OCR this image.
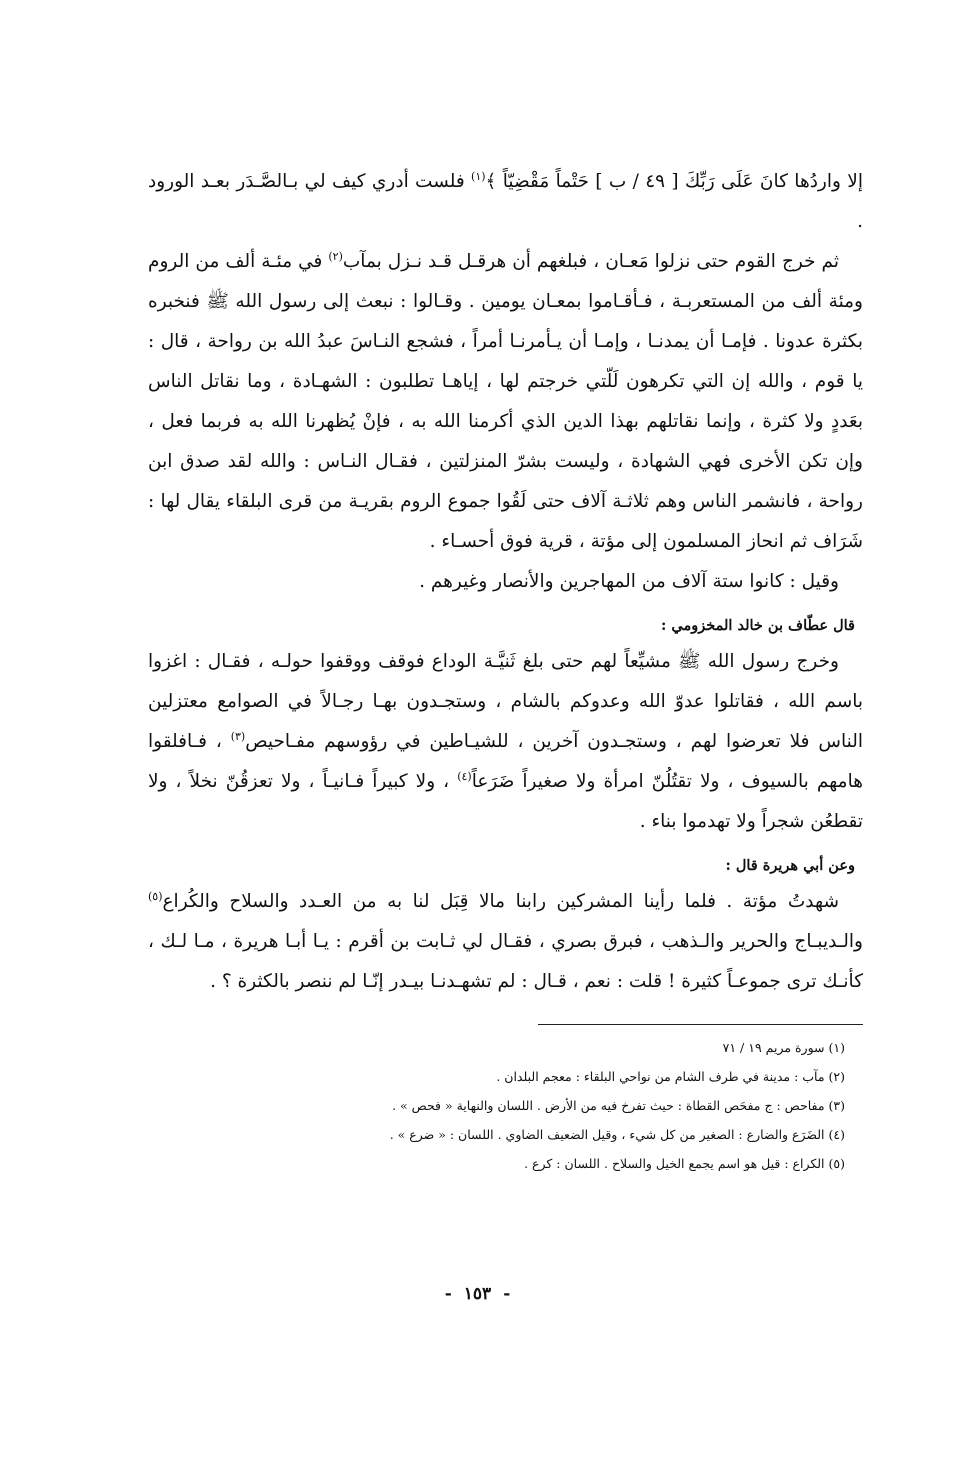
إلا واردُها كانَ عَلَى رَبِّكَ [ ٤٩ / ب ] حَتْماً مَقْضِيّاً ﴾$^{(١)}$ فلست أدري كيف لي بـالصَّـدَر بعـد الورود .

ثم خرج القوم حتى نزلوا مَعـان ، فبلغهم أن هرقـل قـد نـزل بمآب$^{(٢)}$ في مئـة ألف من الروم ومئة ألف من المستعربـة ، فـأقـاموا بمعـان يومين . وقـالوا : نبعث إلى رسول الله ﷺ فنخبره بكثرة عدونا . فإمـا أن يمدنـا ، وإمـا أن يـأمرنـا أمراً ، فشجع النـاسَ عبدُ الله بن رواحة ، قال : يا قوم ، والله إن التي تكرهون لَلّتي خرجتم لها ، إياهـا تطلبون : الشهـادة ، وما نقاتل الناس بعَددٍ ولا كثرة ، وإنما نقاتلهم بهذا الدين الذي أكرمنا الله به ، فإنْ يُظهرنا الله به فربما فعل ، وإن تكن الأخرى فهي الشهادة ، وليست بشرّ المنزلتين ، فقـال النـاس : والله لقد صدق ابن رواحة ، فانشمر الناس وهم ثلاثـة آلاف حتى لَقُوا جموع الروم بقريـة من قرى البلقاء يقال لها : شَرَاف ثم انحاز المسلمون إلى مؤتة ، قرية فوق أحسـاء .

وقيل : كانوا ستة آلاف من المهاجرين والأنصار وغيرهم .

قال عطّاف بن خالد المخزومي :

وخرج رسول الله ﷺ مشيِّعاً لهم حتى بلغ ثَنيَّـة الوداع فوقف ووقفوا حولـه ، فقـال : اغزوا باسم الله ، فقاتلوا عدوّ الله وعدوكم بالشام ، وستجـدون بهـا رجـالاً في الصوامع معتزلين الناس فلا تعرضوا لهم ، وستجـدون آخرين ، للشيـاطين في رؤوسهم مفـاحيص$^{(٣)}$ ، فـافلقوا هامهم بالسيوف ، ولا تقتُلُنّ امرأة ولا صغيراً ضَرَعاً$^{(٤)}$ ، ولا كبيراً فـانيـاً ، ولا تعزقُنّ نخلاً ، ولا تقطعُن شجراً ولا تهدموا بناء .

وعن أبي هريرة قال :

شهدتُ مؤتة . فلما رأينا المشركين رابنا مالا قِبَل لنا به من العـدد والسلاح والكُراع$^{(٥)}$ والـديبـاج والحرير والـذهب ، فبرق بصري ، فقـال لي ثـابت بن أقرم : يـا أبـا هريرة ، مـا لـك ، كأنـك ترى جموعـاً كثيرة ! قلت : نعم ، قـال : لم تشهـدنـا بيـدر إنّـا لم ننصر بالكثرة ؟ .

(١) سورة مريم ١٩ / ٧١
(٢) مآب : مدينة في طرف الشام من نواحي البلقاء : معجم البلدان .
(٣) مفاحص : ج مفحَص القطاة : حيث تفرخ فيه من الأرض . اللسان والنهاية « فحص » .
(٤) الضَرَع والضارع : الصغير من كل شيء ، وقيل الضعيف الضاوي . اللسان : « ضرع » .
(٥) الكراع : قيل هو اسم يجمع الخيل والسلاح . اللسان : كرع .
- ١٥٣ -
